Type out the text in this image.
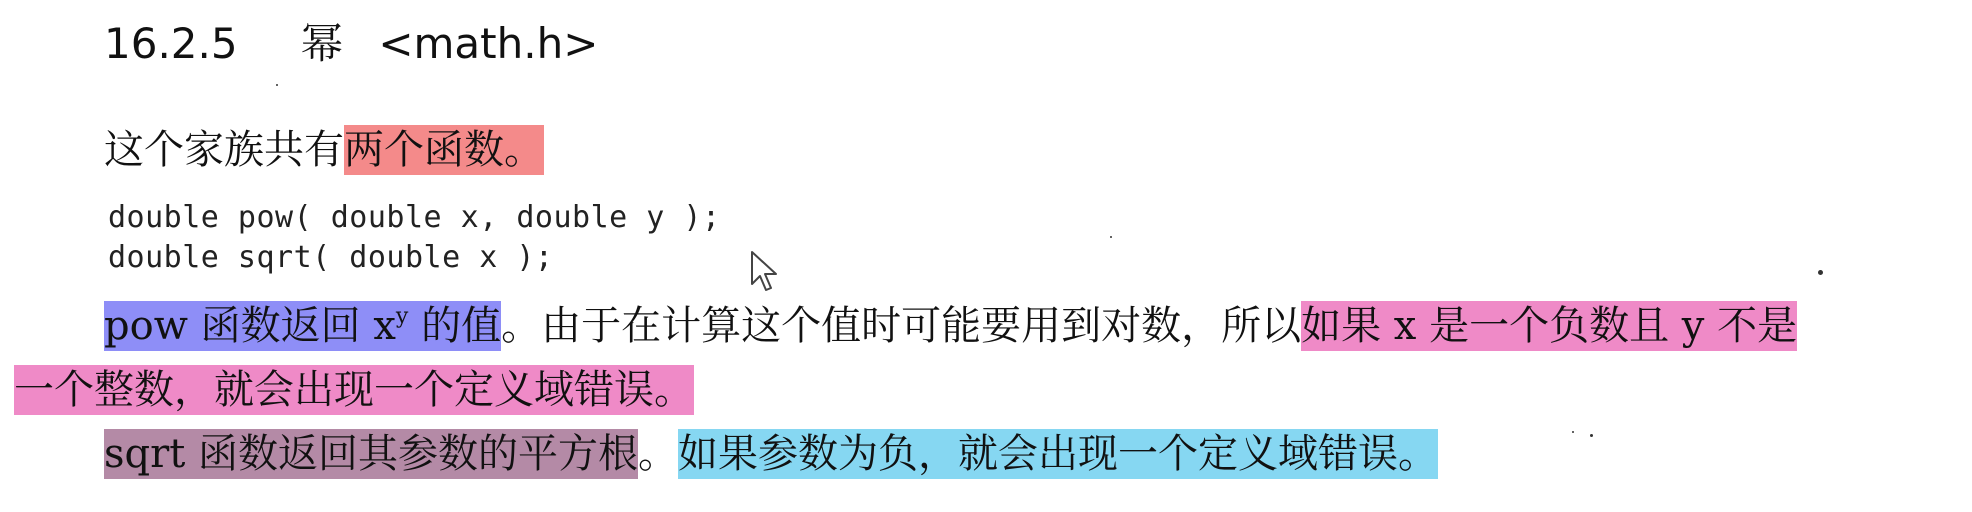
16.2.5 幂 <math.h>
这个家族共有两个函数。
double pow( double x, double y );
double sqrt( double x );
pow 函数返回 $x^y$ 的值。由于在计算这个值时可能要用到对数，所以如果 x 是一个负数且 y 不是
一个整数，就会出现一个定义域错误。
sqrt 函数返回其参数的平方根。如果参数为负，就会出现一个定义域错误。
